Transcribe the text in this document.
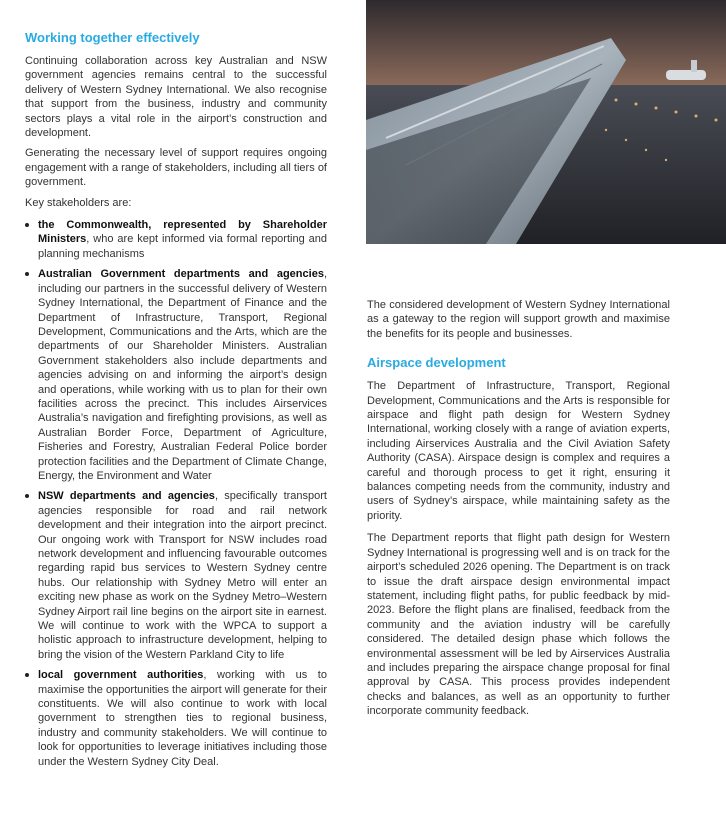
Working together effectively

Continuing collaboration across key Australian and NSW government agencies remains central to the successful delivery of Western Sydney International. We also recognise that support from the business, industry and community sectors plays a vital role in the airport’s construction and development.

Generating the necessary level of support requires ongoing engagement with a range of stakeholders, including all tiers of government.

Key stakeholders are:

the Commonwealth, represented by Shareholder Ministers, who are kept informed via formal reporting and planning mechanisms
Australian Government departments and agencies, including our partners in the successful delivery of Western Sydney International, the Department of Finance and the Department of Infrastructure, Transport, Regional Development, Communications and the Arts, which are the departments of our Shareholder Ministers. Australian Government stakeholders also include departments and agencies advising on and informing the airport’s design and operations, while working with us to plan for their own facilities across the precinct. This includes Airservices Australia’s navigation and firefighting provisions, as well as Australian Border Force, Department of Agriculture, Fisheries and Forestry, Australian Federal Police border protection facilities and the Department of Climate Change, Energy, the Environment and Water
NSW departments and agencies, specifically transport agencies responsible for road and rail network development and their integration into the airport precinct. Our ongoing work with Transport for NSW includes road network development and influencing favourable outcomes regarding rapid bus services to Western Sydney centre hubs. Our relationship with Sydney Metro will enter an exciting new phase as work on the Sydney Metro–Western Sydney Airport rail line begins on the airport site in earnest. We will continue to work with the WPCA to support a holistic approach to infrastructure development, helping to bring the vision of the Western Parkland City to life
local government authorities, working with us to maximise the opportunities the airport will generate for their constituents. We will also continue to work with local government to strengthen ties to regional business, industry and community stakeholders. We will continue to look for opportunities to leverage initiatives including those under the Western Sydney City Deal.

The considered development of Western Sydney International as a gateway to the region will support growth and maximise the benefits for its people and businesses.

Airspace development

The Department of Infrastructure, Transport, Regional Development, Communications and the Arts is responsible for airspace and flight path design for Western Sydney International, working closely with a range of aviation experts, including Airservices Australia and the Civil Aviation Safety Authority (CASA). Airspace design is complex and requires a careful and thorough process to get it right, ensuring it balances competing needs from the community, industry and users of Sydney’s airspace, while maintaining safety as the priority.

The Department reports that flight path design for Western Sydney International is progressing well and is on track for the airport’s scheduled 2026 opening. The Department is on track to issue the draft airspace design environmental impact statement, including flight paths, for public feedback by mid-2023. Before the flight plans are finalised, feedback from the community and the aviation industry will be carefully considered. The detailed design phase which follows the environmental assessment will be led by Airservices Australia and includes preparing the airspace change proposal for final approval by CASA. This process provides independent checks and balances, as well as an opportunity to further incorporate community feedback.
